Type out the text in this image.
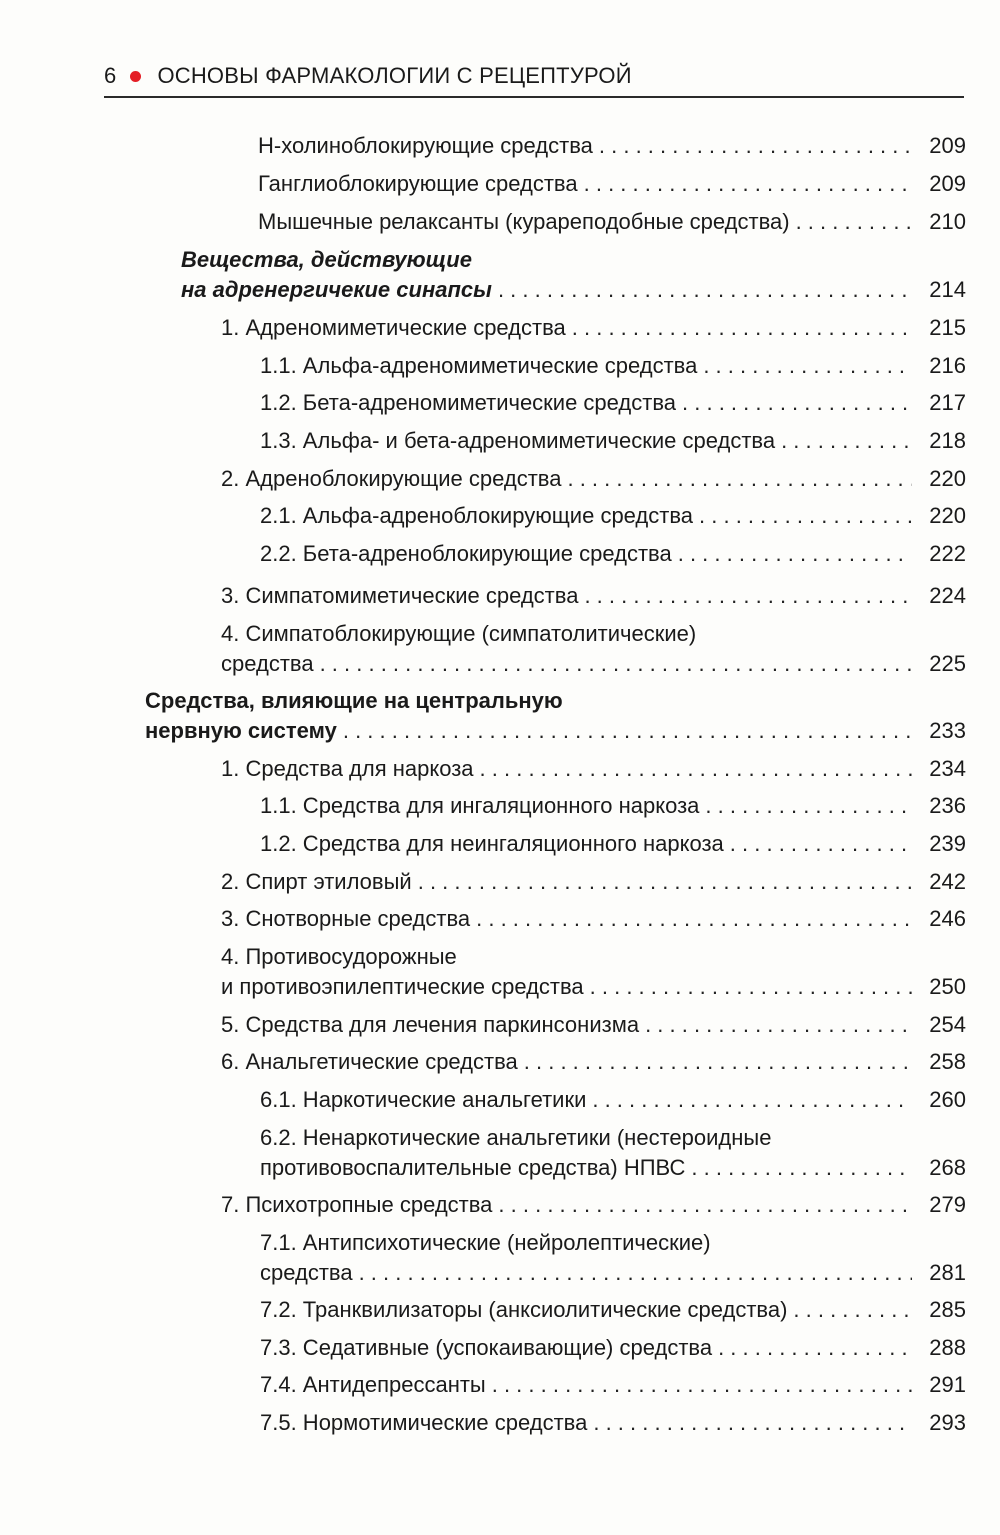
6 ОСНОВЫ ФАРМАКОЛОГИИ С РЕЦЕПТУРОЙ
Н-холиноблокирующие средства . . .	209
Ганглиоблокирующие средства . . .	209
Мышечные релаксанты (курареподобные средства) . . .	210
Вещества, действующие
на адренергичекие синапсы . . .	214
1. Адреномиметические средства . . .	215
1.1. Альфа-адреномиметические средства . . .	216
1.2. Бета-адреномиметические средства . . .	217
1.3. Альфа- и бета-адреномиметические средства . . .	218
2. Адреноблокирующие средства . . .	220
2.1. Альфа-адреноблокирующие средства . . .	220
2.2. Бета-адреноблокирующие средства . . .	222
3. Симпатомиметические средства . . .	224
4. Симпатоблокирующие (симпатолитические)
средства . . .	225
Средства, влияющие на центральную
нервную систему . . .	233
1. Средства для наркоза . . .	234
1.1. Средства для ингаляционного наркоза . . .	236
1.2. Средства для неингаляционного наркоза . . .	239
2. Спирт этиловый . . .	242
3. Снотворные средства . . .	246
4. Противосудорожные
и противоэпилептические средства . . .	250
5. Средства для лечения паркинсонизма . . .	254
6. Анальгетические средства . . .	258
6.1. Наркотические анальгетики . . .	260
6.2. Ненаркотические анальгетики (нестероидные
противовоспалительные средства) НПВС . . .	268
7. Психотропные средства . . .	279
7.1. Антипсихотические (нейролептические)
средства . . .	281
7.2. Транквилизаторы (анксиолитические средства) . . .	285
7.3. Седативные (успокаивающие) средства . . .	288
7.4. Антидепрессанты . . .	291
7.5. Нормотимические средства . . .	293
